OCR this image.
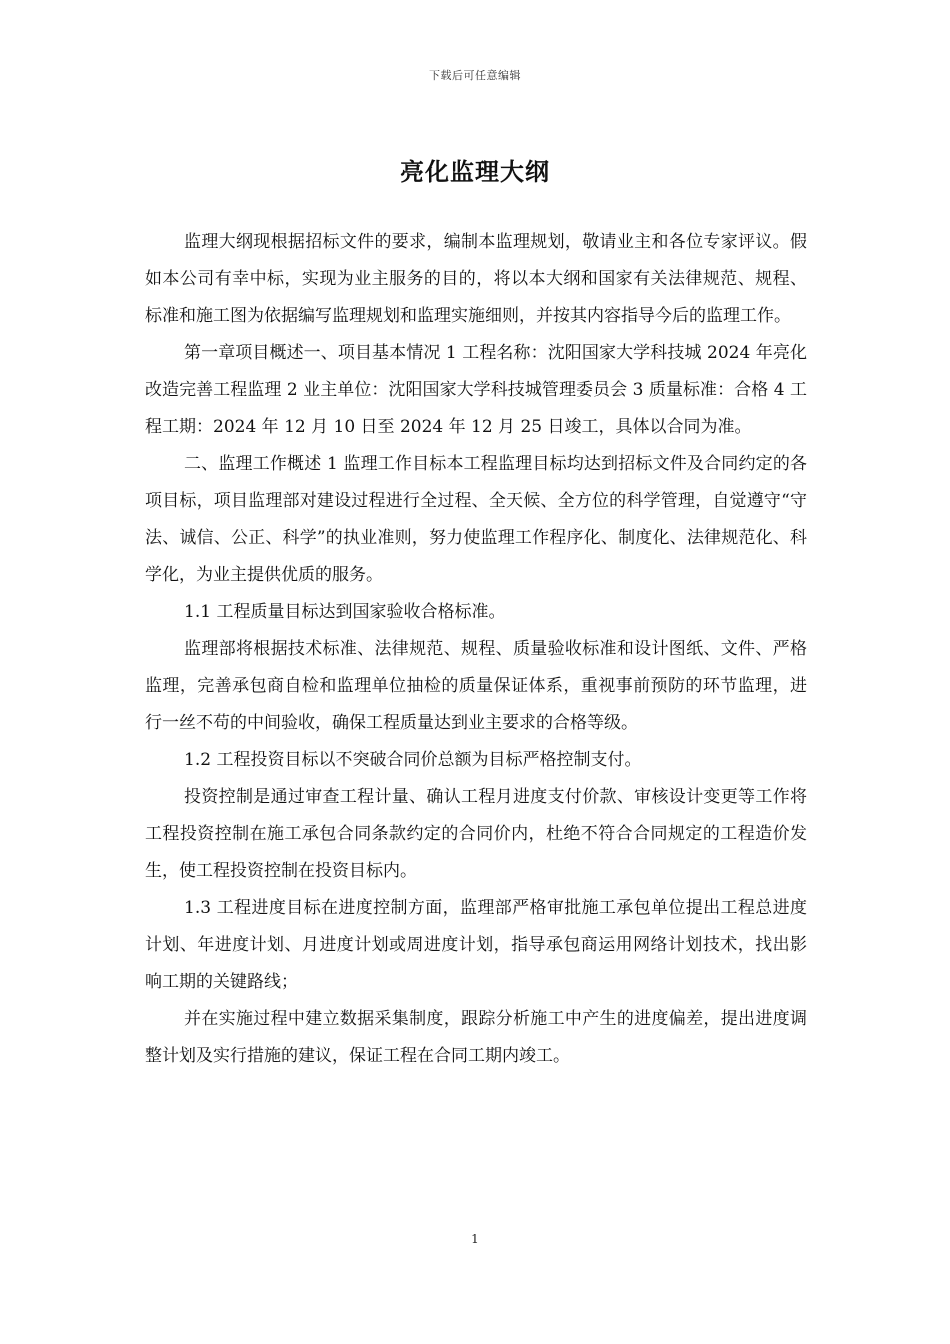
下载后可任意编辑
亮化监理大纲

监理大纲现根据招标文件的要求，编制本监理规划，敬请业主和各位专家评议。假如本公司有幸中标，实现为业主服务的目的，将以本大纲和国家有关法律规范、规程、标准和施工图为依据编写监理规划和监理实施细则，并按其内容指导今后的监理工作。

第一章项目概述一、项目基本情况 1 工程名称：沈阳国家大学科技城 2024 年亮化改造完善工程监理 2 业主单位：沈阳国家大学科技城管理委员会 3 质量标准：合格 4 工程工期：2024 年 12 月 10 日至 2024 年 12 月 25 日竣工，具体以合同为准。

二、监理工作概述 1 监理工作目标本工程监理目标均达到招标文件及合同约定的各项目标，项目监理部对建设过程进行全过程、全天候、全方位的科学管理，自觉遵守“守法、诚信、公正、科学”的执业准则，努力使监理工作程序化、制度化、法律规范化、科学化，为业主提供优质的服务。

1.1 工程质量目标达到国家验收合格标准。

监理部将根据技术标准、法律规范、规程、质量验收标准和设计图纸、文件、严格监理，完善承包商自检和监理单位抽检的质量保证体系，重视事前预防的环节监理，进行一丝不苟的中间验收，确保工程质量达到业主要求的合格等级。

1.2 工程投资目标以不突破合同价总额为目标严格控制支付。

投资控制是通过审查工程计量、确认工程月进度支付价款、审核设计变更等工作将工程投资控制在施工承包合同条款约定的合同价内，杜绝不符合合同规定的工程造价发生，使工程投资控制在投资目标内。

1.3 工程进度目标在进度控制方面，监理部严格审批施工承包单位提出工程总进度计划、年进度计划、月进度计划或周进度计划，指导承包商运用网络计划技术，找出影响工期的关键路线；

并在实施过程中建立数据采集制度，跟踪分析施工中产生的进度偏差，提出进度调整计划及实行措施的建议，保证工程在合同工期内竣工。

1
